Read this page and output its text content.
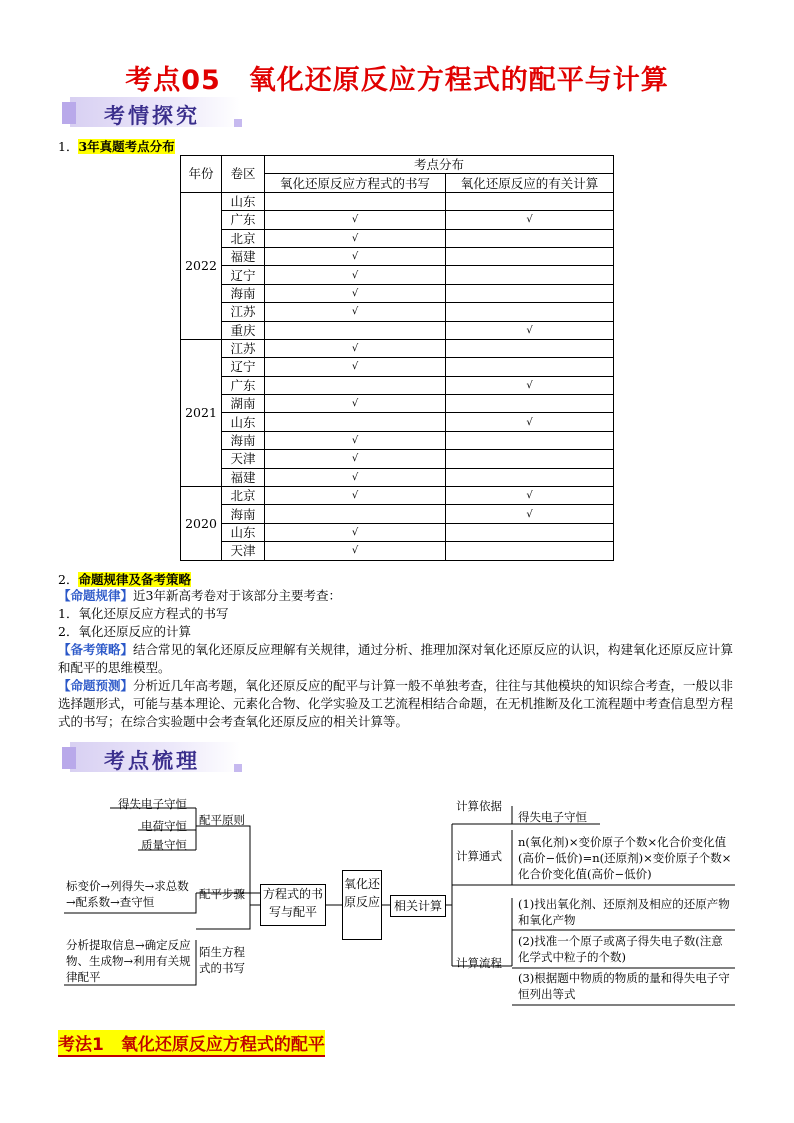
考点05　氧化还原反应方程式的配平与计算
考情探究
1．3年真题考点分布
年份	卷区	考点分布	
		氧化还原反应方程式的书写	氧化还原反应的有关计算
2022	山东		
	广东	√	√
	北京	√	
	福建	√	
	辽宁	√	
	海南	√	
	江苏	√	
	重庆		√
2021	江苏	√	
	辽宁	√	
	广东		√
	湖南	√	
	山东		√
	海南	√	
	天津	√	
	福建	√	
2020	北京	√	√
	海南		√
	山东	√	
	天津	√	
2．命题规律及备考策略
【命题规律】近3年新高考卷对于该部分主要考查：
1．氧化还原反应方程式的书写
2．氧化还原反应的计算
【备考策略】结合常见的氧化还原反应理解有关规律，通过分析、推理加深对氧化还原反应的认识，构建氧化还原反应计算和配平的思维模型。
【命题预测】分析近几年高考题，氧化还原反应的配平与计算一般不单独考查，往往与其他模块的知识综合考查，一般以非选择题形式，可能与基本理论、元素化合物、化学实验及工艺流程相结合命题，在无机推断及化工流程题中考查信息型方程式的书写；在综合实验题中会考查氧化还原反应的相关计算等。
考点梳理
得失电子守恒
电荷守恒
质量守恒
配平原则
标变价→列得失→求总数→配系数→查守恒
配平步骤
分析提取信息→确定反应物、生成物→利用有关规律配平
陌生方程式的书写
方程式的书写与配平
氧化还原反应	相关计算
计算依据
得失电子守恒
计算通式
n(氧化剂)×变价原子个数×化合价变化值(高价−低价)=n(还原剂)×变价原子个数×化合价变化值(高价−低价)
计算流程
(1)找出氧化剂、还原剂及相应的还原产物和氧化产物
(2)找准一个原子或离子得失电子数(注意化学式中粒子的个数)
(3)根据题中物质的物质的量和得失电子守恒列出等式
考法1　氧化还原反应方程式的配平
